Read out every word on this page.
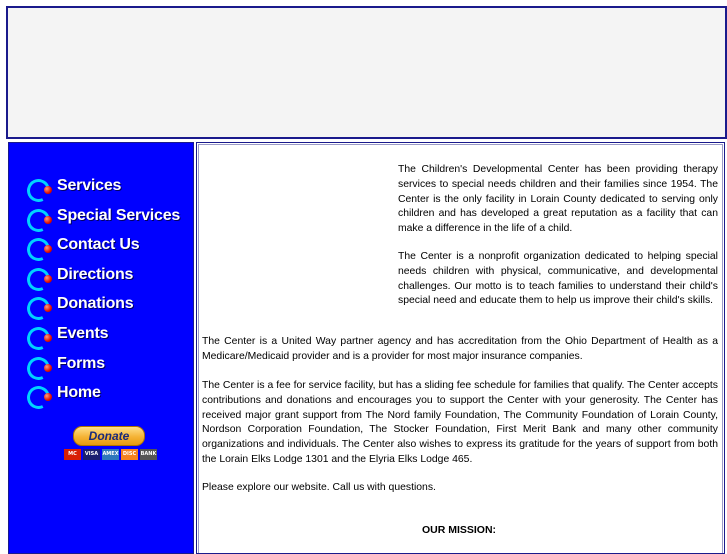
Services
Special Services
Contact Us
Directions
Donations
Events
Forms
Home
Donate
MC	VISA AMEX DISC BANK
The Children's Developmental Center has been providing therapy services to special needs children and their families since 1954. The Center is the only facility in Lorain County dedicated to serving only children and has developed a great reputation as a facility that can make a difference in the life of a child.
The Center is a nonprofit organization dedicated to helping special needs children with physical, communicative, and developmental challenges. Our motto is to teach families to understand their child's special need and educate them to help us improve their child's skills.
The Center is a United Way partner agency and has accreditation from the Ohio Department of Health as a Medicare/Medicaid provider and is a provider for most major insurance companies.
The Center is a fee for service facility, but has a sliding fee schedule for families that qualify. The Center accepts contributions and donations and encourages you to support the Center with your generosity. The Center has received major grant support from The Nord family Foundation, The Community Foundation of Lorain County, Nordson Corporation Foundation, The Stocker Foundation, First Merit Bank and many other community organizations and individuals. The Center also wishes to express its gratitude for the years of support from both the Lorain Elks Lodge 1301 and the Elyria Elks Lodge 465.
Please explore our website. Call us with questions.
OUR MISSION:
